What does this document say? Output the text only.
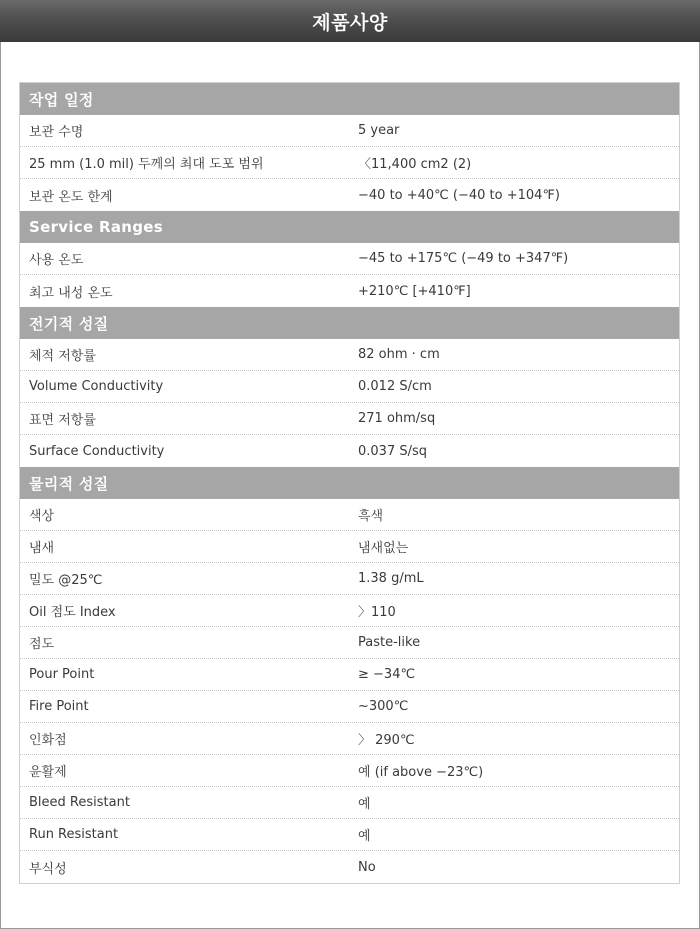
제품사양
작업 일정
보관 수명	5 year
25 mm (1.0 mil) 두께의 최대 도포 범위	〈11,400 cm2 (2)
보관 온도 한계	−40 to +40℃ (−40 to +104℉)
Service Ranges
사용 온도	−45 to +175℃ (−49 to +347℉)
최고 내성 온도	+210℃ [+410℉]
전기적 성질
체적 저항률	82 ohm · cm
Volume Conductivity	0.012 S/cm
표면 저항률	271 ohm/sq
Surface Conductivity	0.037 S/sq
물리적 성질
색상	흑색
냄새	냄새없는
밀도 @25℃	1.38 g/mL
Oil 점도 Index	〉110
점도	Paste-like
Pour Point	≥ −34℃
Fire Point	~300℃
인화점	〉 290℃
윤활제	예 (if above −23℃)
Bleed Resistant	예
Run Resistant	예
부식성	No
